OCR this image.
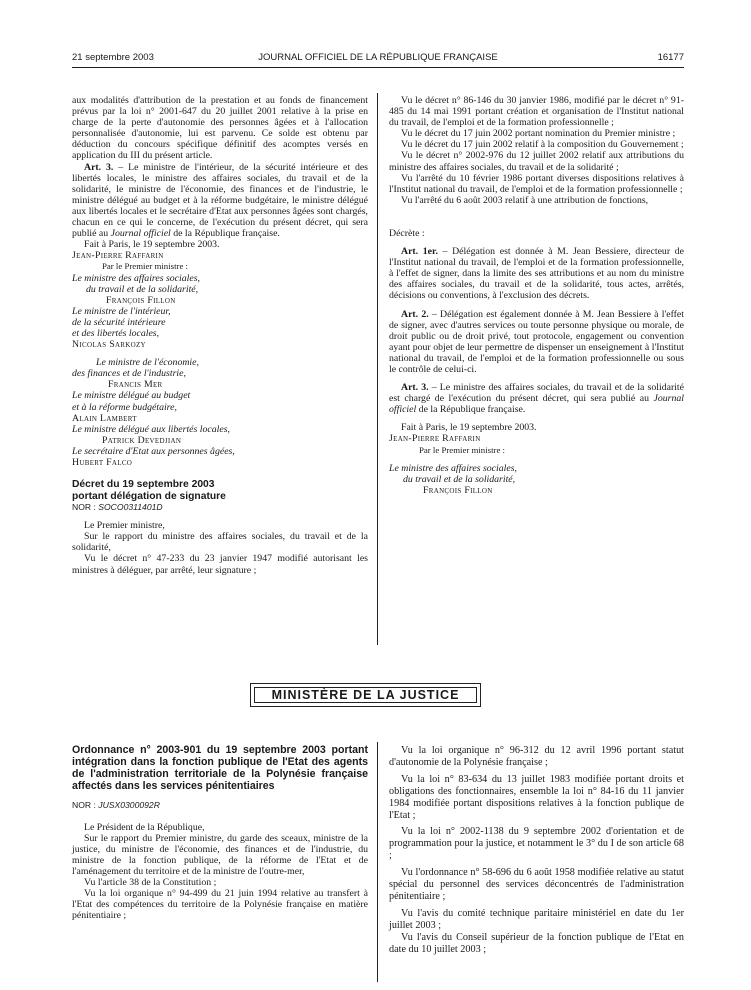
21 septembre 2003	JOURNAL OFFICIEL DE LA RÉPUBLIQUE FRANÇAISE	16177

aux modalités d'attribution de la prestation et au fonds de financement prévus par la loi n° 2001-647 du 20 juillet 2001 relative à la prise en charge de la perte d'autonomie des personnes âgées et à l'allocation personnalisée d'autonomie, lui est parvenu. Ce solde est obtenu par déduction du concours spécifique définitif des acomptes versés en application du III du présent article.

Art. 3. – Le ministre de l'intérieur, de la sécurité intérieure et des libertés locales, le ministre des affaires sociales, du travail et de la solidarité, le ministre de l'économie, des finances et de l'industrie, le ministre délégué au budget et à la réforme budgétaire, le ministre délégué aux libertés locales et le secrétaire d'Etat aux personnes âgées sont chargés, chacun en ce qui le concerne, de l'exécution du présent décret, qui sera publié au Journal officiel de la République française.

Fait à Paris, le 19 septembre 2003.

Jean-Pierre Raffarin

Par le Premier ministre :

Le ministre des affaires sociales,

du travail et de la solidarité,

François Fillon

Le ministre de l'intérieur,

de la sécurité intérieure

et des libertés locales,

Nicolas Sarkozy

Le ministre de l'économie,

des finances et de l'industrie,

Francis Mer

Le ministre délégué au budget

et à la réforme budgétaire,

Alain Lambert

Le ministre délégué aux libertés locales,

Patrick Devedjian

Le secrétaire d'Etat aux personnes âgées,

Hubert Falco

Décret du 19 septembre 2003

portant délégation de signature

NOR : SOCO0311401D

Le Premier ministre,

Sur le rapport du ministre des affaires sociales, du travail et de la solidarité,

Vu le décret n° 47-233 du 23 janvier 1947 modifié autorisant les ministres à déléguer, par arrêté, leur signature ;

Vu le décret n° 86-146 du 30 janvier 1986, modifié par le décret n° 91-485 du 14 mai 1991 portant création et organisation de l'Institut national du travail, de l'emploi et de la formation professionnelle ;

Vu le décret du 17 juin 2002 portant nomination du Premier ministre ;

Vu le décret du 17 juin 2002 relatif à la composition du Gouvernement ;

Vu le décret n° 2002-976 du 12 juillet 2002 relatif aux attributions du ministre des affaires sociales, du travail et de la solidarité ;

Vu l'arrêté du 10 février 1986 portant diverses dispositions relatives à l'Institut national du travail, de l'emploi et de la formation professionnelle ;

Vu l'arrêté du 6 août 2003 relatif à une attribution de fonctions,

Décrète :

Art. 1er. – Délégation est donnée à M. Jean Bessiere, directeur de l'Institut national du travail, de l'emploi et de la formation professionnelle, à l'effet de signer, dans la limite des ses attributions et au nom du ministre des affaires sociales, du travail et de la solidarité, tous actes, arrêtés, décisions ou conventions, à l'exclusion des décrets.

Art. 2. – Délégation est également donnée à M. Jean Bessiere à l'effet de signer, avec d'autres services ou toute personne physique ou morale, de droit public ou de droit privé, tout protocole, engagement ou convention ayant pour objet de leur permettre de dispenser un enseignement à l'Institut national du travail, de l'emploi et de la formation professionnelle ou sous le contrôle de celui-ci.

Art. 3. – Le ministre des affaires sociales, du travail et de la solidarité est chargé de l'exécution du présent décret, qui sera publié au Journal officiel de la République française.

Fait à Paris, le 19 septembre 2003.

Jean-Pierre Raffarin

Par le Premier ministre :

Le ministre des affaires sociales,

du travail et de la solidarité,

François Fillon

MINISTÈRE DE LA JUSTICE

Ordonnance n° 2003-901 du 19 septembre 2003 portant intégration dans la fonction publique de l'Etat des agents de l'administration territoriale de la Polynésie française affectés dans les services pénitentiaires

NOR : JUSX0300092R

Le Président de la République,

Sur le rapport du Premier ministre, du garde des sceaux, ministre de la justice, du ministre de l'économie, des finances et de l'industrie, du ministre de la fonction publique, de la réforme de l'Etat et de l'aménagement du territoire et de la ministre de l'outre-mer,

Vu l'article 38 de la Constitution ;

Vu la loi organique n° 94-499 du 21 juin 1994 relative au transfert à l'Etat des compétences du territoire de la Polynésie française en matière pénitentiaire ;

Vu la loi organique n° 96-312 du 12 avril 1996 portant statut d'autonomie de la Polynésie française ;

Vu la loi n° 83-634 du 13 juillet 1983 modifiée portant droits et obligations des fonctionnaires, ensemble la loi n° 84-16 du 11 janvier 1984 modifiée portant dispositions relatives à la fonction publique de l'Etat ;

Vu la loi n° 2002-1138 du 9 septembre 2002 d'orientation et de programmation pour la justice, et notamment le 3° du I de son article 68 ;

Vu l'ordonnance n° 58-696 du 6 août 1958 modifiée relative au statut spécial du personnel des services déconcentrés de l'administration pénitentiaire ;

Vu l'avis du comité technique paritaire ministériel en date du 1er juillet 2003 ;

Vu l'avis du Conseil supérieur de la fonction publique de l'Etat en date du 10 juillet 2003 ;
